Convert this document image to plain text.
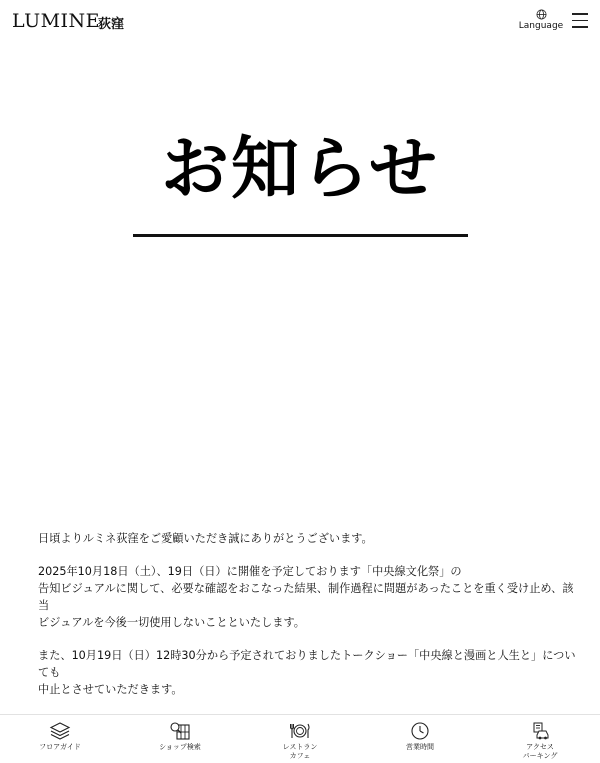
LUMINE
荻窪	Language
お知らせ

日頃よりルミネ荻窪をご愛顧いただき誠にありがとうございます。

2025年10月18日（土）、19日（日）に開催を予定しております「中央線文化祭」の
告知ビジュアルに関して、必要な確認をおこなった結果、制作過程に問題があったことを重く受け止め、該当
ビジュアルを今後一切使用しないことといたします。

また、10月19日（日）12時30分から予定されておりましたトークショー「中央線と漫画と人生と」についても
中止とさせていただきます。

フロアガイド	ショップ検索	レストラン
カフェ
営業時間	アクセス
パーキング
